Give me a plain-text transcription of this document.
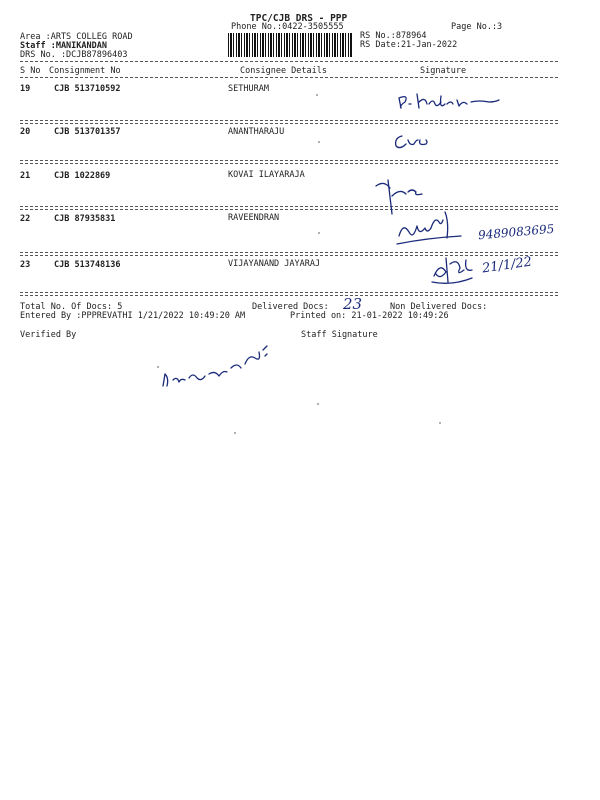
TPC/CJB DRS - PPP
Phone No.:0422-3505555	Page No.:3
Area :ARTS COLLEG ROAD
Staff :MANIKANDAN
DRS No. :DCJB87896403
RS No.:878964
RS Date:21-Jan-2022
S No Consignment No	Consignee Details	Signature
19	CJB 513710592	SETHURAM
20	CJB 513701357	ANANTHARAJU
21	CJB 1022869	KOVAI ILAYARAJA
22	CJB 87935831	RAVEENDRAN
23	CJB 513748136	VIJAYANAND JAYARAJ
9489083695
21/1/22
Total No. Of Docs: 5	Delivered Docs: 23	Non Delivered Docs:
Entered By :PPPREVATHI 1/21/2022 10:49:20 AM	Printed on: 21-01-2022 10:49:26
Verified By	Staff Signature
